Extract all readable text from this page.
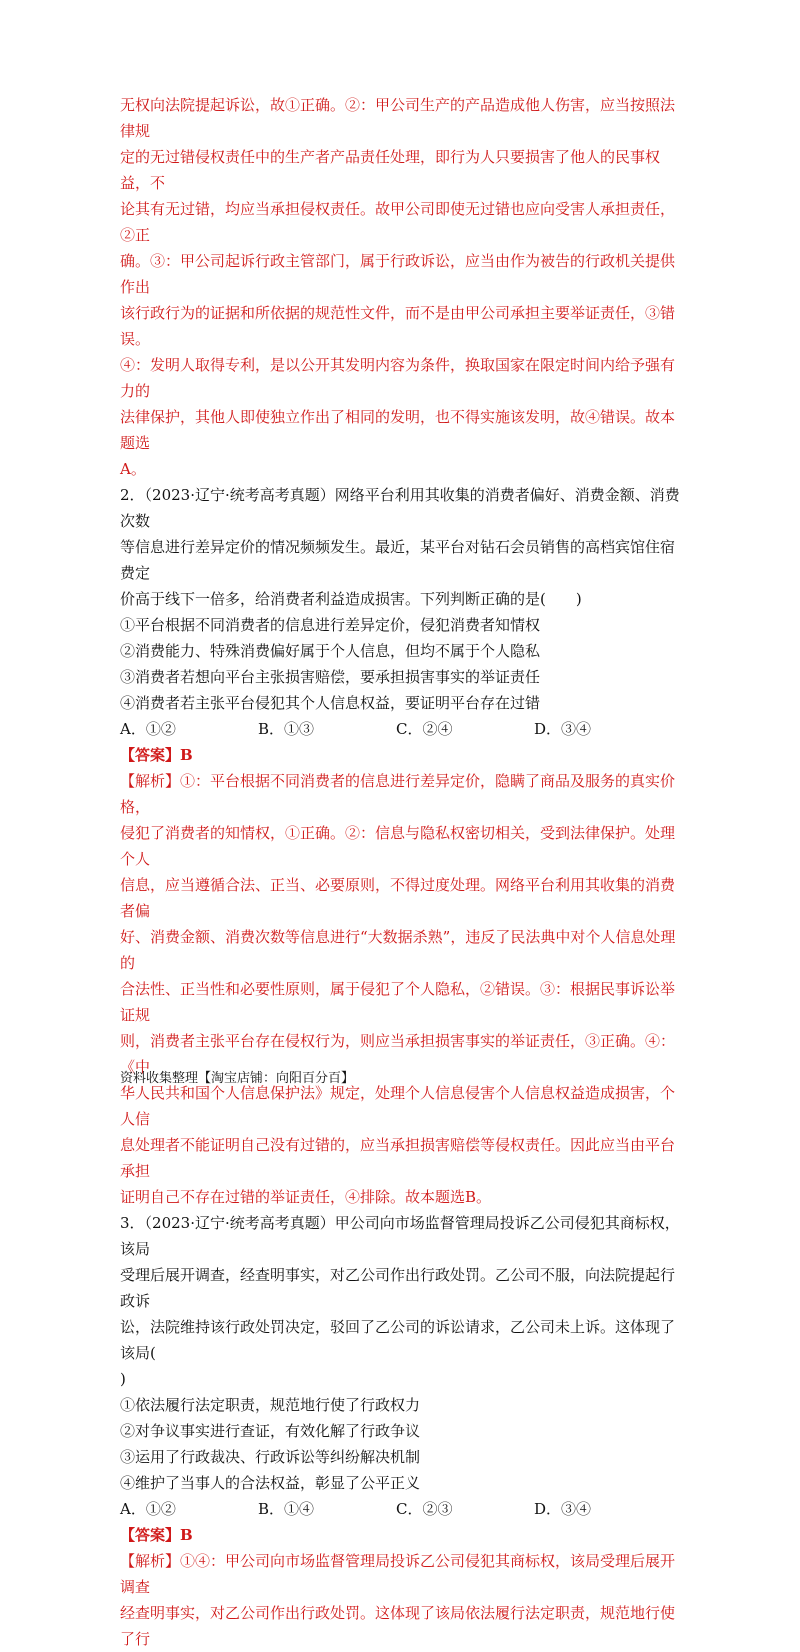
无权向法院提起诉讼，故①正确。②：甲公司生产的产品造成他人伤害，应当按照法律规

定的无过错侵权责任中的生产者产品责任处理，即行为人只要损害了他人的民事权益，不

论其有无过错，均应当承担侵权责任。故甲公司即使无过错也应向受害人承担责任，②正

确。③：甲公司起诉行政主管部门，属于行政诉讼，应当由作为被告的行政机关提供作出

该行政行为的证据和所依据的规范性文件，而不是由甲公司承担主要举证责任，③错误。

④：发明人取得专利，是以公开其发明内容为条件，换取国家在限定时间内给予强有力的

法律保护，其他人即使独立作出了相同的发明，也不得实施该发明，故④错误。故本题选

A。

2．（2023·辽宁·统考高考真题）网络平台利用其收集的消费者偏好、消费金额、消费次数

等信息进行差异定价的情况频频发生。最近，某平台对钻石会员销售的高档宾馆住宿费定

价高于线下一倍多，给消费者利益造成损害。下列判断正确的是(　　)

①平台根据不同消费者的信息进行差异定价，侵犯消费者知情权

②消费能力、特殊消费偏好属于个人信息，但均不属于个人隐私

③消费者若想向平台主张损害赔偿，要承担损害事实的举证责任

④消费者若主张平台侵犯其个人信息权益，要证明平台存在过错

A．①②	B．①③	C．②④	D．③④

【答案】B

【解析】①：平台根据不同消费者的信息进行差异定价，隐瞒了商品及服务的真实价格，

侵犯了消费者的知情权，①正确。②：信息与隐私权密切相关，受到法律保护。处理个人

信息，应当遵循合法、正当、必要原则，不得过度处理。网络平台利用其收集的消费者偏

好、消费金额、消费次数等信息进行“大数据杀熟”，违反了民法典中对个人信息处理的

合法性、正当性和必要性原则，属于侵犯了个人隐私，②错误。③：根据民事诉讼举证规

则，消费者主张平台存在侵权行为，则应当承担损害事实的举证责任，③正确。④：《中

华人民共和国个人信息保护法》规定，处理个人信息侵害个人信息权益造成损害，个人信

息处理者不能证明自己没有过错的，应当承担损害赔偿等侵权责任。因此应当由平台承担

证明自己不存在过错的举证责任，④排除。故本题选B。

3．（2023·辽宁·统考高考真题）甲公司向市场监督管理局投诉乙公司侵犯其商标权，该局

受理后展开调查，经查明事实，对乙公司作出行政处罚。乙公司不服，向法院提起行政诉

讼，法院维持该行政处罚决定，驳回了乙公司的诉讼请求，乙公司未上诉。这体现了该局(

)

①依法履行法定职责，规范地行使了行政权力

②对争议事实进行查证，有效化解了行政争议

③运用了行政裁决、行政诉讼等纠纷解决机制

④维护了当事人的合法权益，彰显了公平正义

A．①②	B．①④	C．②③	D．③④

【答案】B

【解析】①④：甲公司向市场监督管理局投诉乙公司侵犯其商标权，该局受理后展开调查

经查明事实，对乙公司作出行政处罚。这体现了该局依法履行法定职责，规范地行使了行

资料收集整理【淘宝店铺：向阳百分百】
